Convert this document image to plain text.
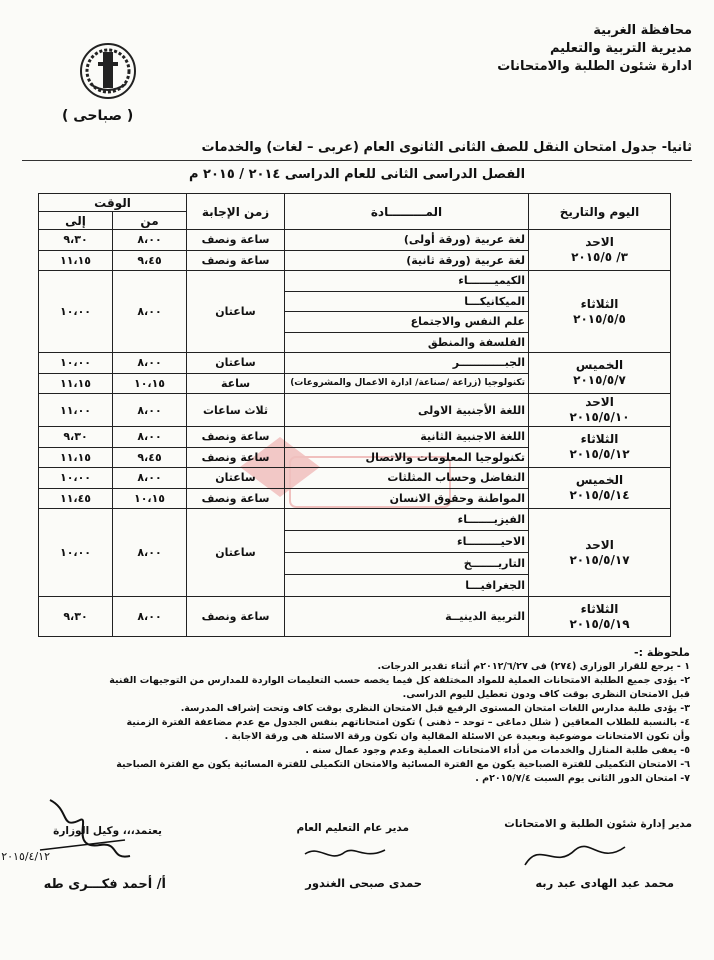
محافظة الغربية
مديرية التربية والتعليم
ادارة شئون الطلبة والامتحانات
( صباحى )
ثانيا- جدول امتحان النقل للصف الثانى الثانوى العام (عربى – لغات) والخدمات
الفصل الدراسى الثانى للعام الدراسى ٢٠١٤ / ٢٠١٥ م
اليوم والتاريخ	المـــــــــادة	زمن الإجابة	الوقت	
			من	إلى

الاحد
٣/ ٢٠١٥/٥	لغة عربية (ورقة أولى)	ساعة ونصف	٨،٠٠	٩،٣٠
	لغة عربية (ورقة ثانية)	ساعة ونصف	٩،٤٥	١١،١٥

الثلاثاء
٢٠١٥/٥/٥	الكيميـــــــاء	ساعتان	٨،٠٠	١٠،٠٠
	الميكانيكـــا			
	علم النفس والاجتماع			
	الفلسفة والمنطق			

الخميس
٢٠١٥/٥/٧	الجبــــــــــــر	ساعتان	٨،٠٠	١٠،٠٠
	تكنولوجيا (زراعة /صناعة/ ادارة الاعمال والمشروعات)	ساعة	١٠،١٥	١١،١٥

الاحد
٢٠١٥/٥/١٠	اللغة الأجنبية الاولى	ثلاث ساعات	٨،٠٠	١١،٠٠

الثلاثاء
٢٠١٥/٥/١٢	اللغة الاجنبية الثانية	ساعة ونصف	٨،٠٠	٩،٣٠
	تكنولوجيا المعلومات والاتصال	ساعة ونصف	٩،٤٥	١١،١٥

الخميس
٢٠١٥/٥/١٤	التفاضل وحساب المثلثات	ساعتان	٨،٠٠	١٠،٠٠
	المواطنة وحقوق الانسان	ساعة ونصف	١٠،١٥	١١،٤٥

الاحد
٢٠١٥/٥/١٧	الفيزيـــــــاء	ساعتان	٨،٠٠	١٠،٠٠
	الاحيـــــــــاء			
	التاريـــــــخ			
	الجغرافيـــا			

الثلاثاء
٢٠١٥/٥/١٩	التربية الدينيــة	ساعة ونصف	٨،٠٠	٩،٣٠

ملحوظة :-

١ - يرجع للقرار الوزارى (٢٧٤) فى ٢٠١٢/٦/٢٧م أثناء تقدير الدرجات.

٢- يؤدى جميع الطلبة الامتحانات العملية للمواد المختلفة كل فيما يخصه حسب التعليمات الواردة للمدارس من التوجيهات الفنية

قبل الامتحان النظرى بوقت كاف ودون تعطيل لليوم الدراسى.

٣- يؤدى طلبة مدارس اللغات امتحان المستوى الرفيع قبل الامتحان النظرى بوقت كاف وتحت إشراف المدرسة.

٤- بالنسبة للطلاب المعاقين ( شلل دماغى – توحد – ذهنى ) تكون امتحاناتهم بنفس الجدول مع عدم مضاعفة الفترة الزمنية

وأن تكون الامتحانات موضوعية وبعيدة عن الاسئلة المقالية وان تكون ورقة الاسئلة هى ورقة الاجابة .

٥- يعفى طلبة المنازل والخدمات من أداء الامتحانات العملية وعدم وجود عمال سنه .

٦- الامتحان التكميلى للفترة الصباحية يكون مع الفترة المسائية والامتحان التكميلى للفترة المسائية يكون مع الفترة الصباحية

٧- امتحان الدور الثانى يوم السبت ٢٠١٥/٧/٤م .

مدير إدارة شئون الطلبة و الامتحانات
محمد عبد الهادى عبد ربه
مدير عام التعليم العام
حمدى صبحى الغندور
يعتمد،،، وكيل الوزارة
أ/ أحمد فكـــرى طه
٢٠١٥/٤/١٢
